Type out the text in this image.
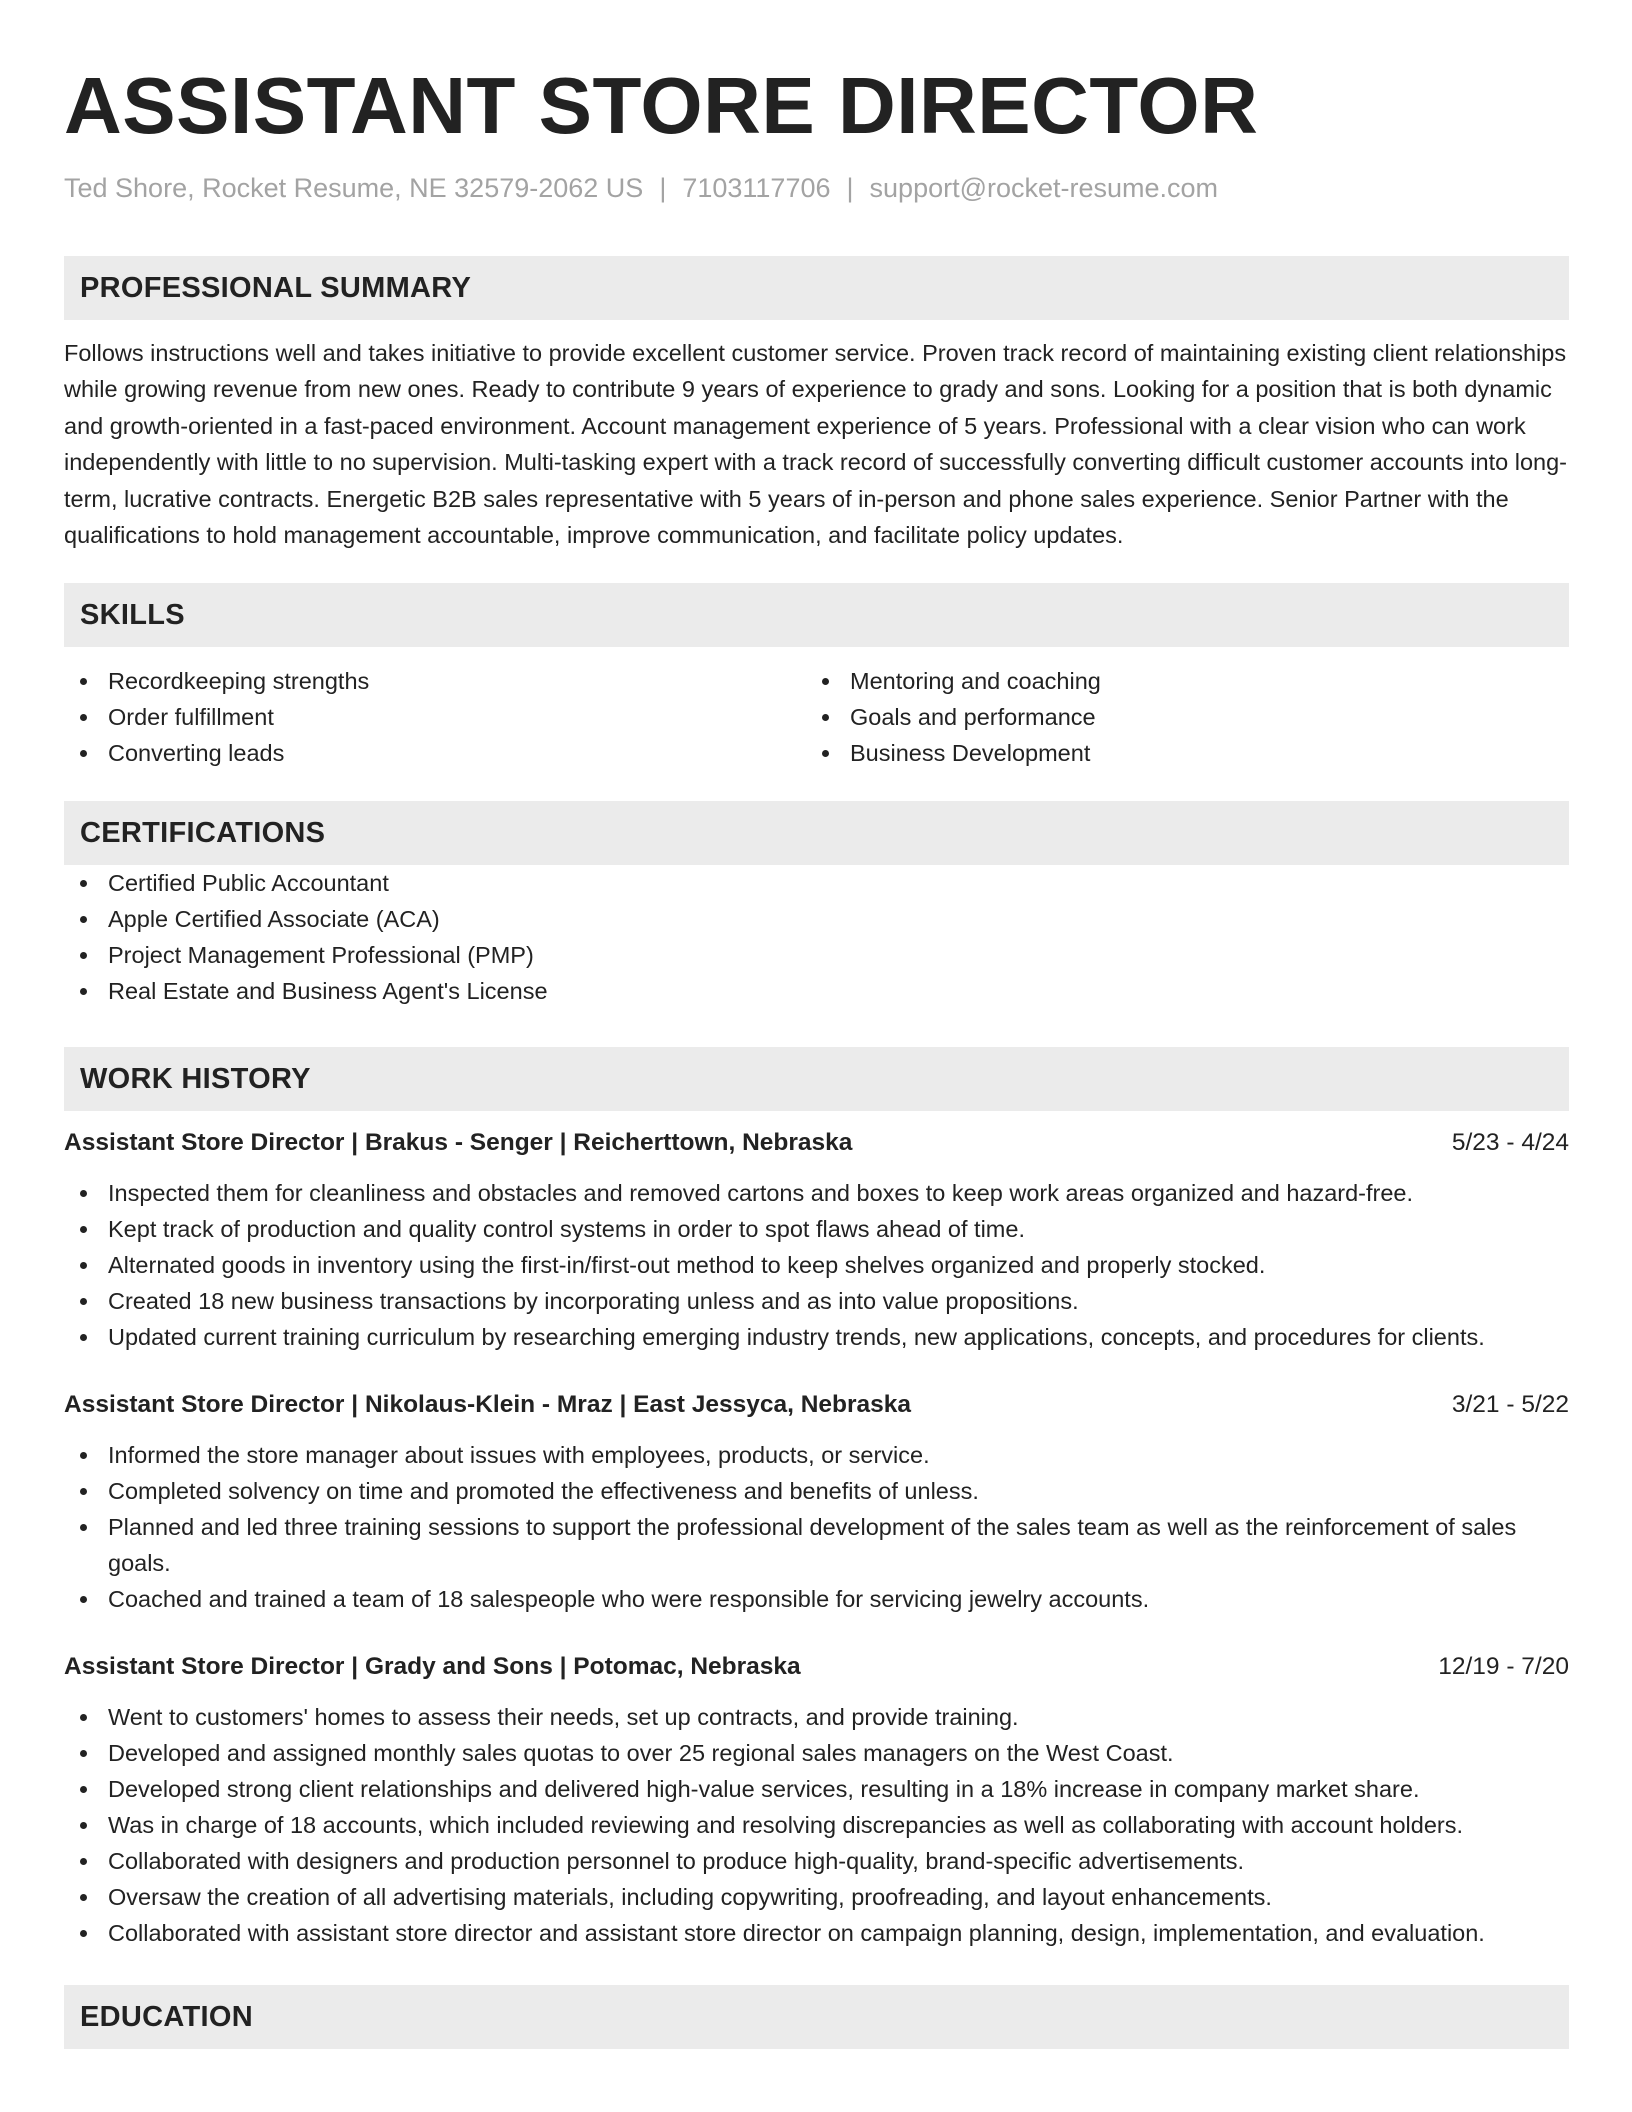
ASSISTANT STORE DIRECTOR
Ted Shore, Rocket Resume, NE 32579-2062 US | 7103117706 | support@rocket-resume.com
PROFESSIONAL SUMMARY
Follows instructions well and takes initiative to provide excellent customer service. Proven track record of maintaining existing client relationships while growing revenue from new ones. Ready to contribute 9 years of experience to grady and sons. Looking for a position that is both dynamic and growth-oriented in a fast-paced environment. Account management experience of 5 years. Professional with a clear vision who can work independently with little to no supervision. Multi-tasking expert with a track record of successfully converting difficult customer accounts into long-term, lucrative contracts. Energetic B2B sales representative with 5 years of in-person and phone sales experience. Senior Partner with the qualifications to hold management accountable, improve communication, and facilitate policy updates.
SKILLS
Recordkeeping strengths
Order fulfillment
Converting leads
Mentoring and coaching
Goals and performance
Business Development
CERTIFICATIONS
Certified Public Accountant
Apple Certified Associate (ACA)
Project Management Professional (PMP)
Real Estate and Business Agent's License
WORK HISTORY
Assistant Store Director | Brakus - Senger | Reicherttown, Nebraska	5/23 - 4/24
Inspected them for cleanliness and obstacles and removed cartons and boxes to keep work areas organized and hazard-free.
Kept track of production and quality control systems in order to spot flaws ahead of time.
Alternated goods in inventory using the first-in/first-out method to keep shelves organized and properly stocked.
Created 18 new business transactions by incorporating unless and as into value propositions.
Updated current training curriculum by researching emerging industry trends, new applications, concepts, and procedures for clients.
Assistant Store Director | Nikolaus-Klein - Mraz | East Jessyca, Nebraska	3/21 - 5/22
Informed the store manager about issues with employees, products, or service.
Completed solvency on time and promoted the effectiveness and benefits of unless.
Planned and led three training sessions to support the professional development of the sales team as well as the reinforcement of sales goals.
Coached and trained a team of 18 salespeople who were responsible for servicing jewelry accounts.
Assistant Store Director | Grady and Sons | Potomac, Nebraska	12/19 - 7/20
Went to customers' homes to assess their needs, set up contracts, and provide training.
Developed and assigned monthly sales quotas to over 25 regional sales managers on the West Coast.
Developed strong client relationships and delivered high-value services, resulting in a 18% increase in company market share.
Was in charge of 18 accounts, which included reviewing and resolving discrepancies as well as collaborating with account holders.
Collaborated with designers and production personnel to produce high-quality, brand-specific advertisements.
Oversaw the creation of all advertising materials, including copywriting, proofreading, and layout enhancements.
Collaborated with assistant store director and assistant store director on campaign planning, design, implementation, and evaluation.
EDUCATION
